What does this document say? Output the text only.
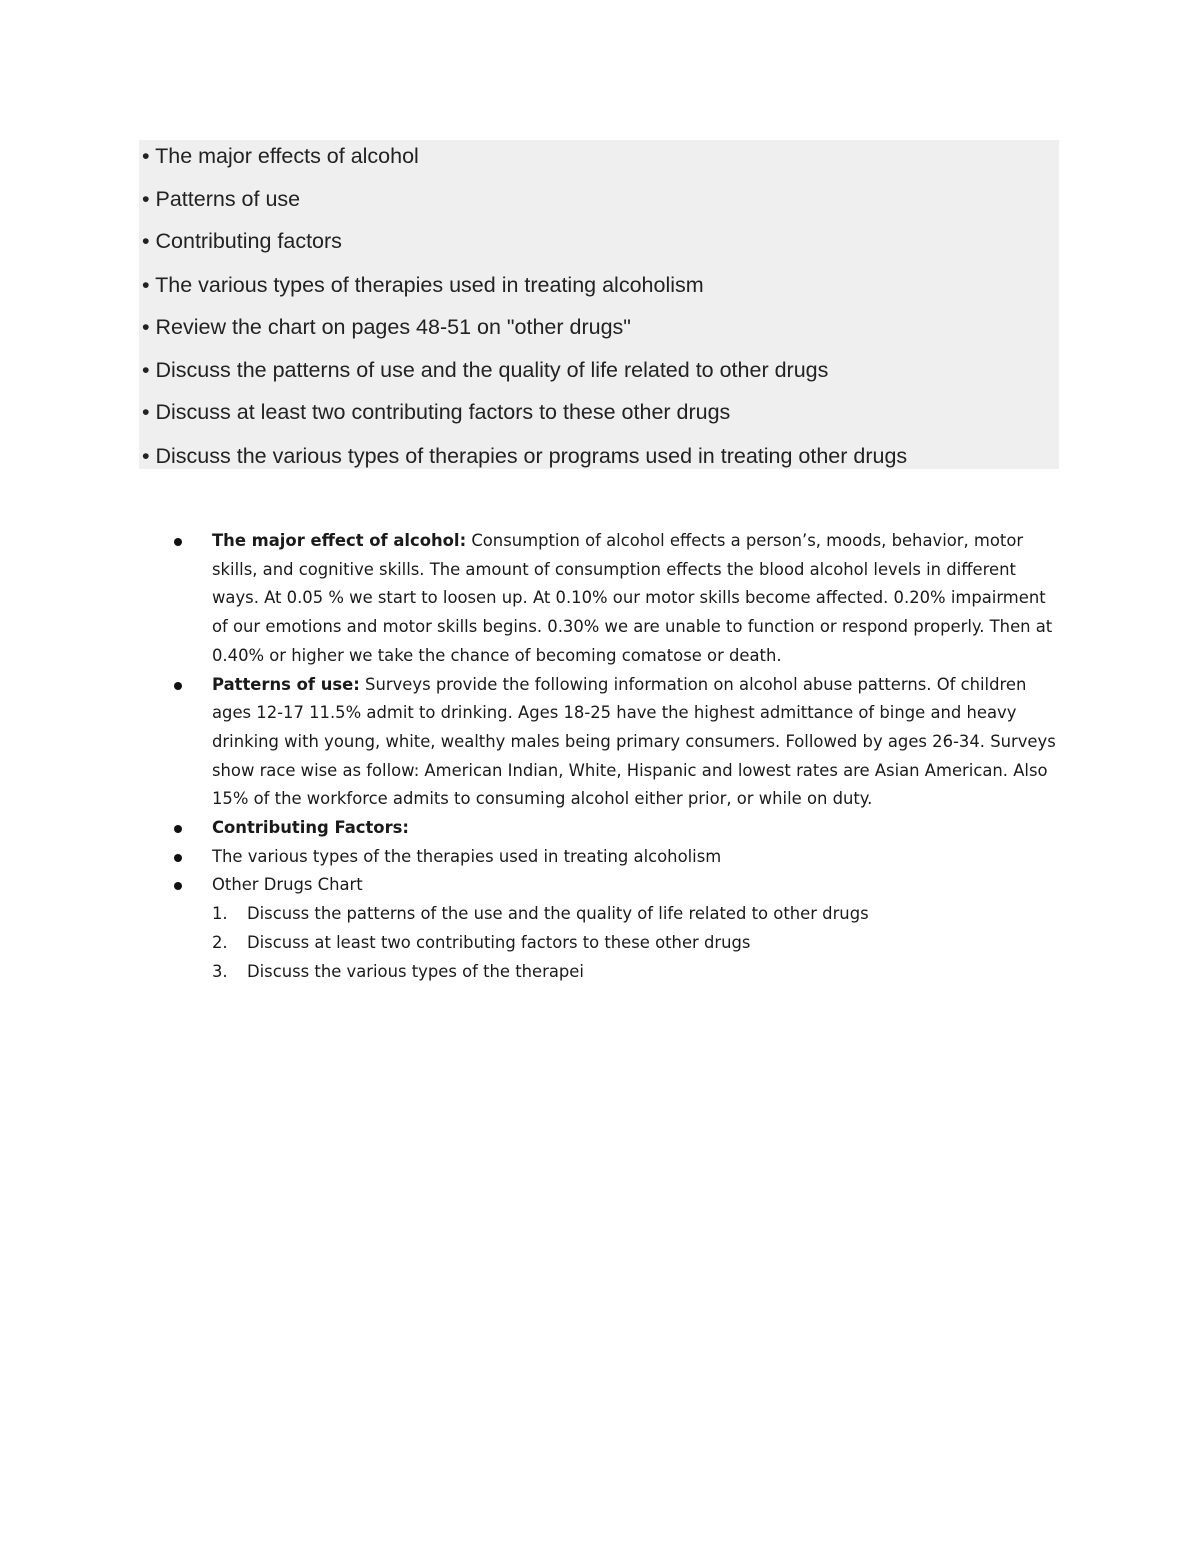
• The major effects of alcohol
• Patterns of use
• Contributing factors
• The various types of therapies used in treating alcoholism
• Review the chart on pages 48-51 on "other drugs"
• Discuss the patterns of use and the quality of life related to other drugs
• Discuss at least two contributing factors to these other drugs
• Discuss the various types of therapies or programs used in treating other drugs
The major effect of alcohol: Consumption of alcohol effects a person’s, moods, behavior, motor skills, and cognitive skills. The amount of consumption effects the blood alcohol levels in different ways. At 0.05 % we start to loosen up. At 0.10% our motor skills become affected. 0.20% impairment of our emotions and motor skills begins. 0.30% we are unable to function or respond properly. Then at 0.40% or higher we take the chance of becoming comatose or death.
Patterns of use: Surveys provide the following information on alcohol abuse patterns. Of children ages 12-17 11.5% admit to drinking. Ages 18-25 have the highest admittance of binge and heavy drinking with young, white, wealthy males being primary consumers. Followed by ages 26-34. Surveys show race wise as follow: American Indian, White, Hispanic and lowest rates are Asian American. Also 15% of the workforce admits to consuming alcohol either prior, or while on duty.
Contributing Factors:
The various types of the therapies used in treating alcoholism
Other Drugs Chart
1. Discuss the patterns of the use and the quality of life related to other drugs
2. Discuss at least two contributing factors to these other drugs
3. Discuss the various types of the therapei
